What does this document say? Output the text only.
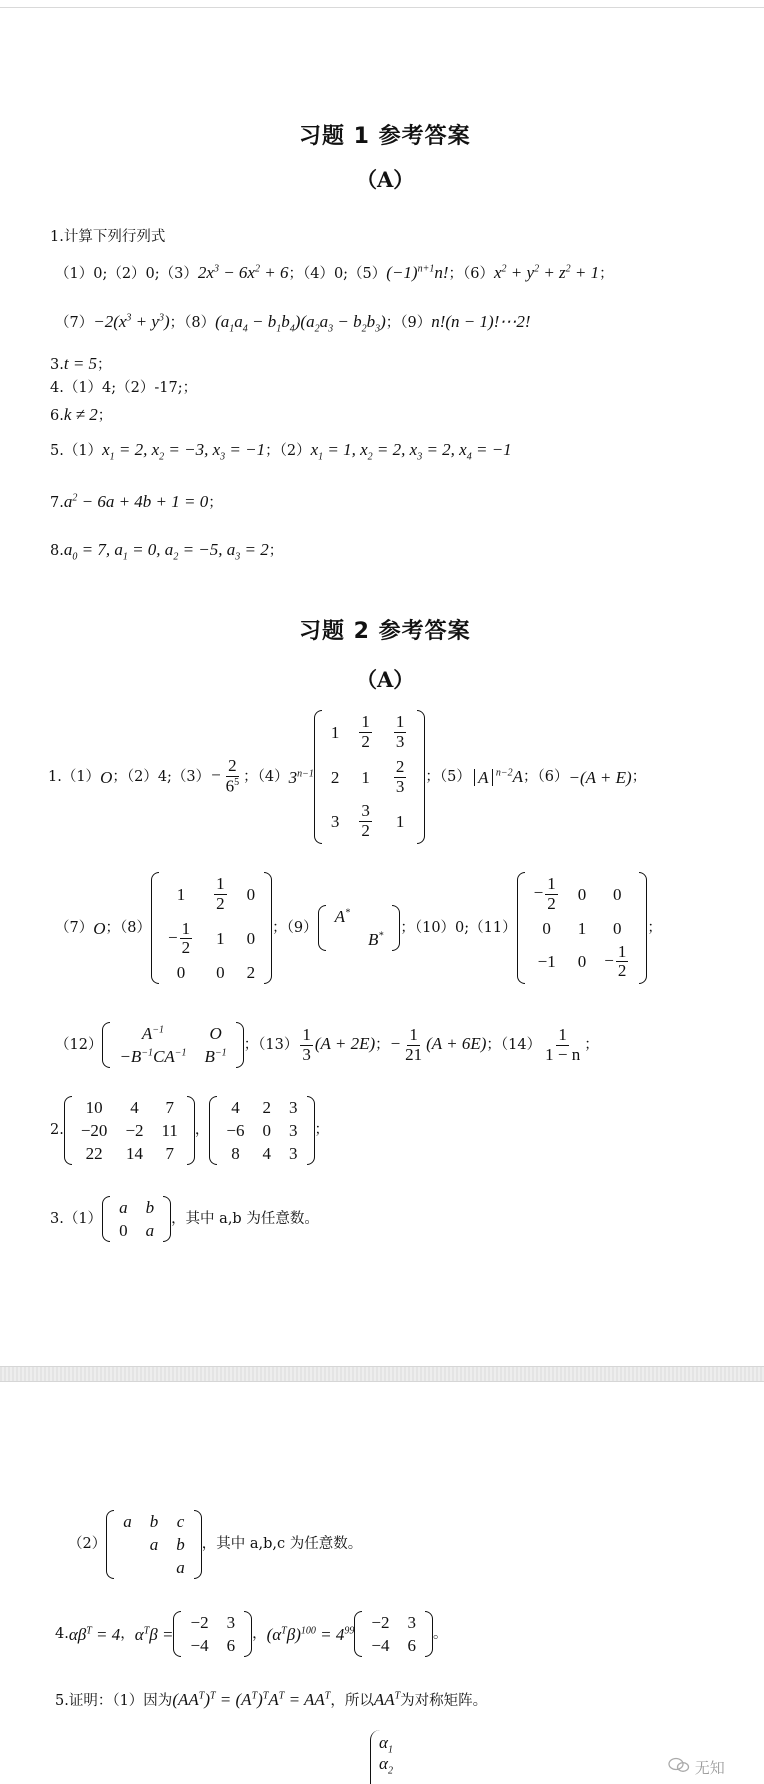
习题 1 参考答案
（A）
1.计算下列行列式
$(1)0;(2)0;(3)2x^3 - 6x^2 + 6$；$(4)0;(5)(-1)^{n+1}n$!；$(6)x^2 + y^2 + z^2 + 1$；
$(7)-2(x^3 + y^3)$；$(8)(a_1a_4 - b_1b_4)(a_2a_3 - b_2b_3)$；（9）n!(n − 1)!⋯2!
3.t = 5；
4.（1）4;（2）-17;；
6.k ≠ 2；
$5.(1)x_1 = 2$, $x_2 = -3$, $x_3 = -1$；$(2)x_1 = 1$, $x_2 = 2$, $x_3 = 2$, $x_4 = -1$
$7.a^2 - 6a + 4b + 1 = 0$；
$8.a_0 = 7$, $a_1 = 0$, $a_2 = -5$, $a_3 = 2$；
习题 2 参考答案
（A）
1.（1） O ；（2）4;（3） − $\frac{2}{6^5}$ ；（4） $3^{n-1}$
1	$\frac{1}{2}$	$\frac{1}{3}$

2	1	$\frac{2}{3}$

3	$\frac{3}{2}$	1
；（5） A $^{n-2}$A ；（6） −(A + E) ；
（7） O ；（8）
1	$\frac{1}{2}$	0
− $\frac{1}{2}$	1	0
0	0	2
；（9）
A*	
	B*
；（10）0;（11）
− $\frac{1}{2}$	0	0
0	1	0
−1	0	− $\frac{1}{2}$
；
（12）
$A^{-1}$	O
$-B^{-1}CA^{-1}$	$B^{-1}$
；$(13) \frac{1}{3} (A + 2E)$ ； − $\frac{1}{21} (A + 6E)$ ；$(14) \frac{1}{1 - n}$ ；
2.
10	4	7
−20	−2	11
22	14	7
，
4	2	3
−6	0	3
8	4	3
；
3.（1）
a	b
0	a
，其中 a,b 为任意数。
（2）
a	b	c
	a	b
		a
，其中 a,b,c 为任意数。
4. $\alpha\beta^T = 4$ ， $\alpha^T\beta$ =
−2	3
−4	6
， $(\alpha^T\beta)^{100} = 4^{99} -2$	3
−4	6
。
5.证明：（1）因为$(AA^T)^T = (A^T)^TA^T = AA^T$，所以$AA^T$为对称矩阵。
$\alpha_1$
$\alpha_2$	无知
